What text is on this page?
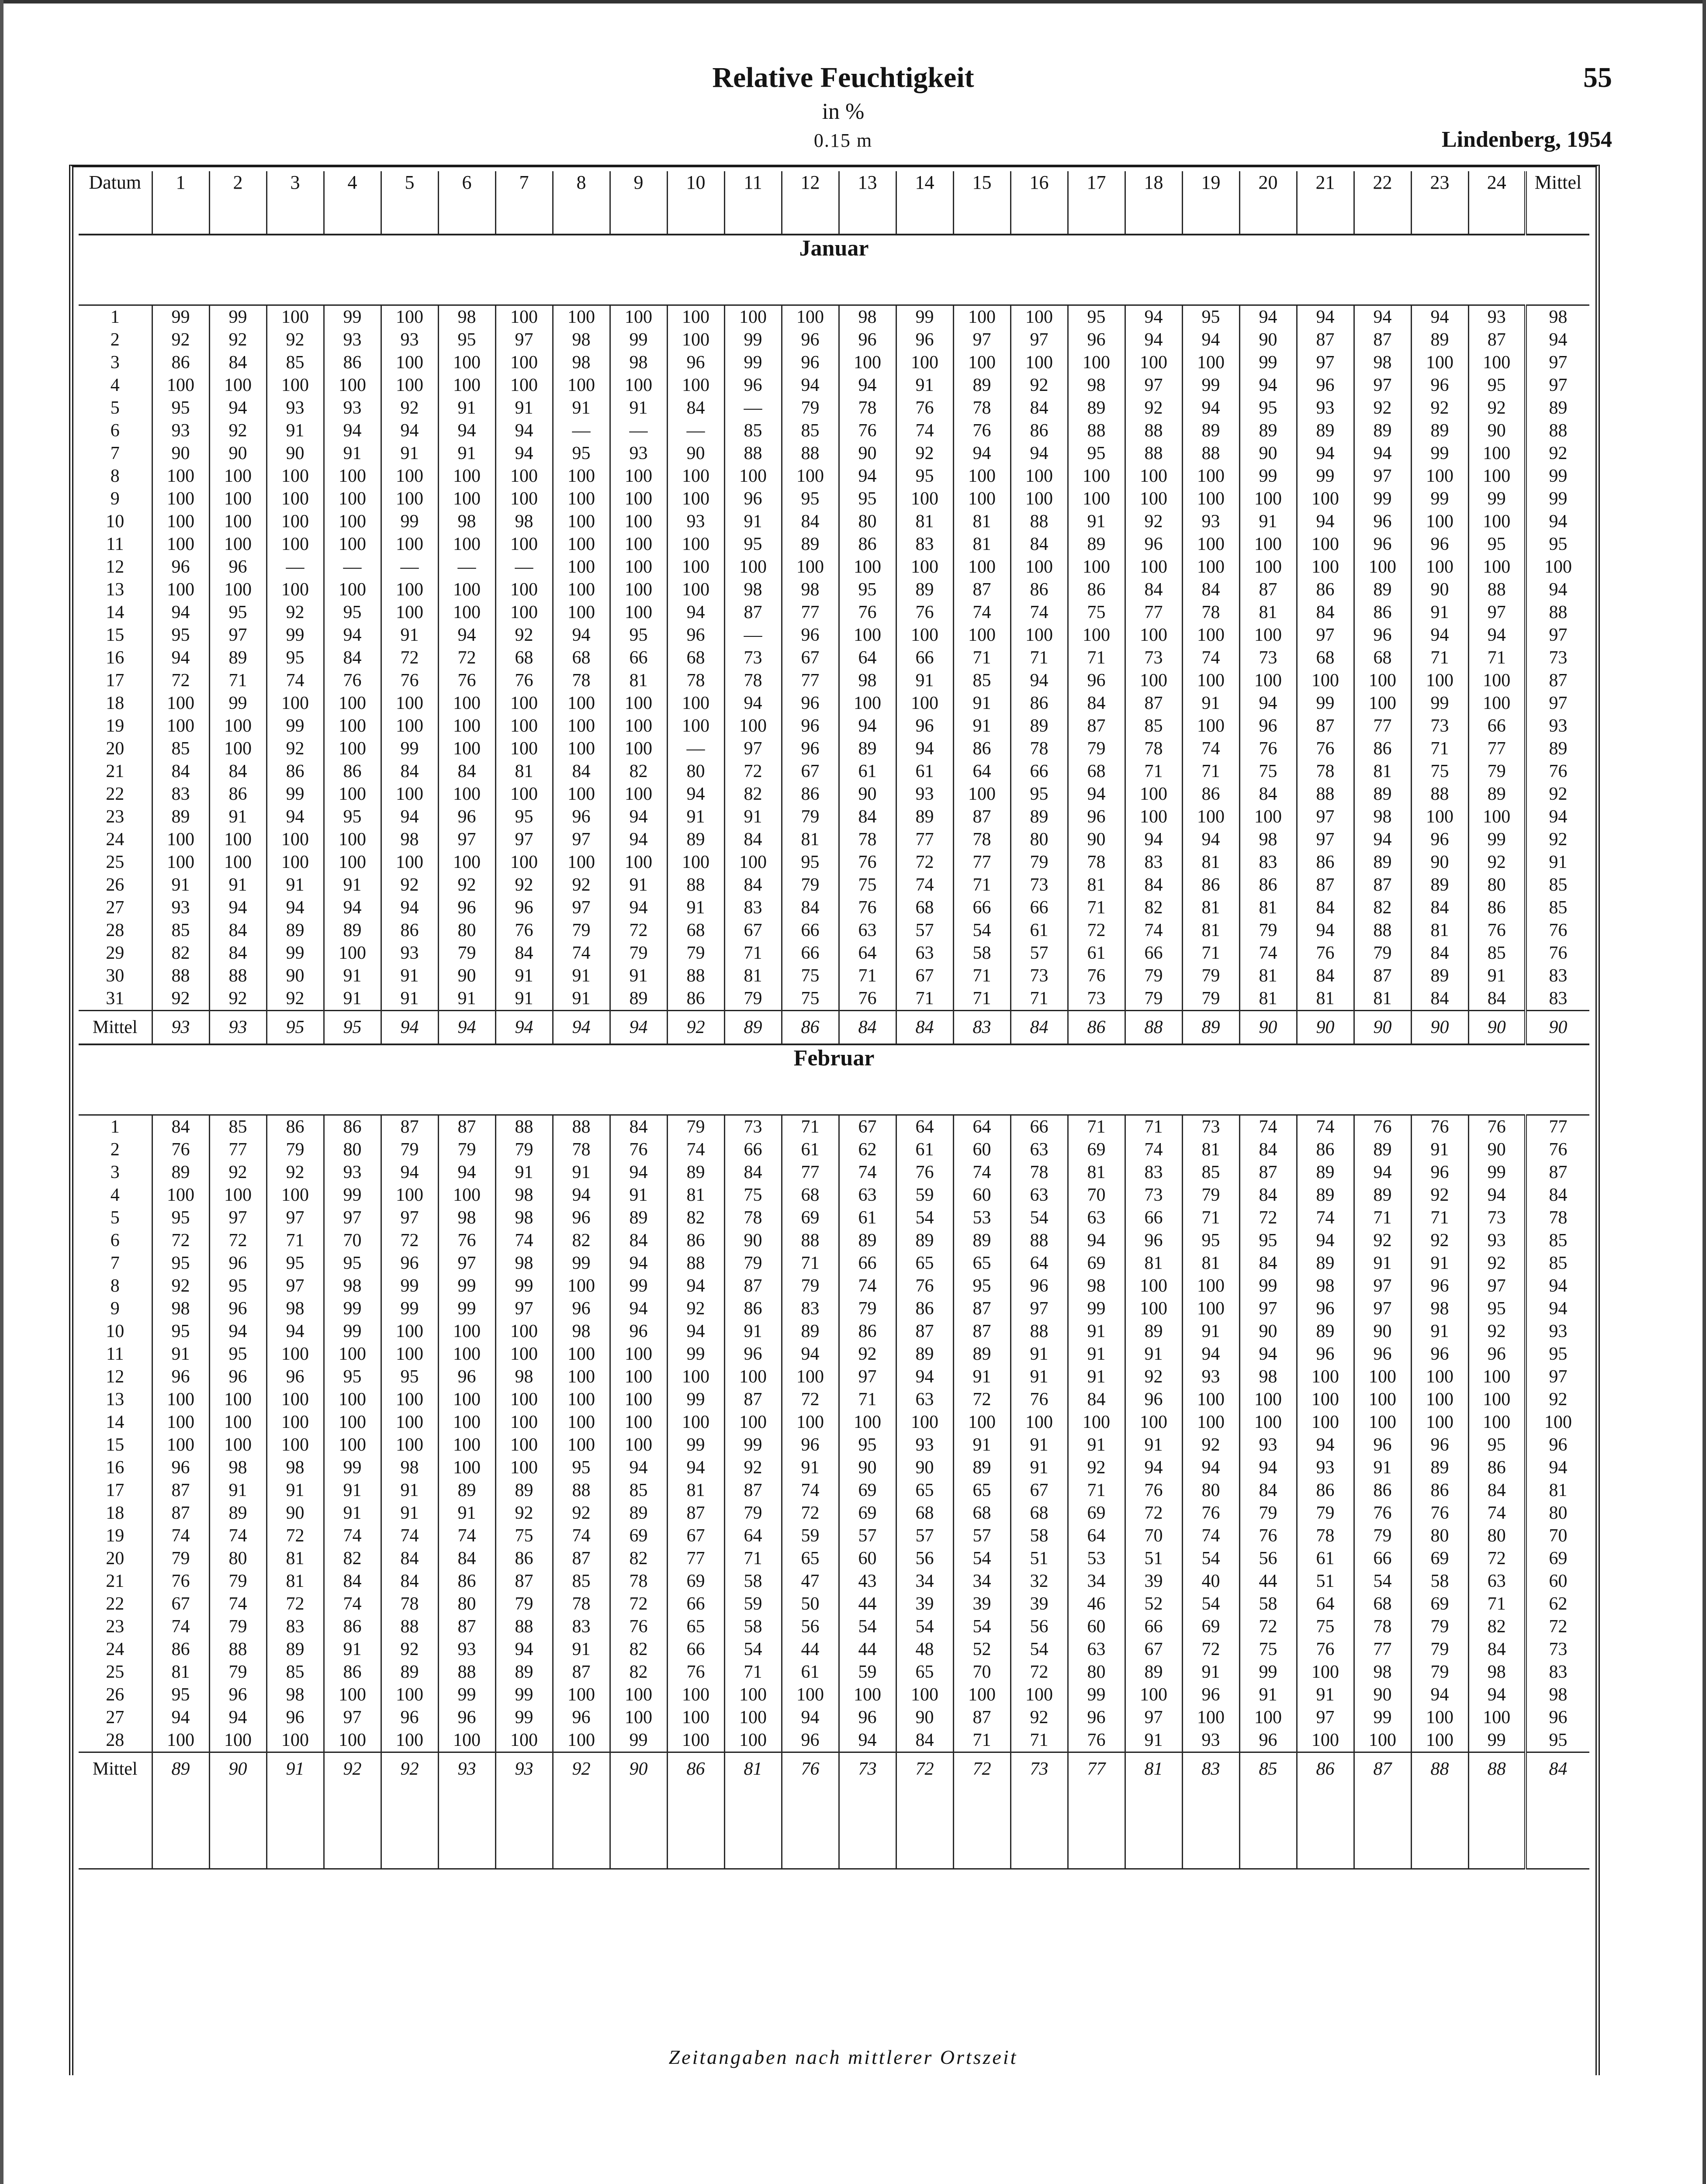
Relative Feuchtigkeit	55
in %
0.15 m	Lindenberg, 1954
Datum	1	2	3	4	5	6	7	8	9	10	11	12	13	14	15	16	17	18	19	20	21	22	23	24	Mittel
Januar																									
1	99	99	100	99	100	98	100	100	100	100	100	100	98	99	100	100	95	94	95	94	94	94	94	93	98
2	92	92	92	93	93	95	97	98	99	100	99	96	96	96	97	97	96	94	94	90	87	87	89	87	94
3	86	84	85	86	100	100	100	98	98	96	99	96	100	100	100	100	100	100	100	99	97	98	100	100	97
4	100	100	100	100	100	100	100	100	100	100	96	94	94	91	89	92	98	97	99	94	96	97	96	95	97
5	95	94	93	93	92	91	91	91	91	84	—	79	78	76	78	84	89	92	94	95	93	92	92	92	89
6	93	92	91	94	94	94	94	—	—	—	85	85	76	74	76	86	88	88	89	89	89	89	89	90	88
7	90	90	90	91	91	91	94	95	93	90	88	88	90	92	94	94	95	88	88	90	94	94	99	100	92
8	100	100	100	100	100	100	100	100	100	100	100	100	94	95	100	100	100	100	100	99	99	97	100	100	99
9	100	100	100	100	100	100	100	100	100	100	96	95	95	100	100	100	100	100	100	100	100	99	99	99	99
10	100	100	100	100	99	98	98	100	100	93	91	84	80	81	81	88	91	92	93	91	94	96	100	100	94
11	100	100	100	100	100	100	100	100	100	100	95	89	86	83	81	84	89	96	100	100	100	96	96	95	95
12	96	96	—	—	—	—	—	100	100	100	100	100	100	100	100	100	100	100	100	100	100	100	100	100	100
13	100	100	100	100	100	100	100	100	100	100	98	98	95	89	87	86	86	84	84	87	86	89	90	88	94
14	94	95	92	95	100	100	100	100	100	94	87	77	76	76	74	74	75	77	78	81	84	86	91	97	88
15	95	97	99	94	91	94	92	94	95	96	—	96	100	100	100	100	100	100	100	100	97	96	94	94	97
16	94	89	95	84	72	72	68	68	66	68	73	67	64	66	71	71	71	73	74	73	68	68	71	71	73
17	72	71	74	76	76	76	76	78	81	78	78	77	98	91	85	94	96	100	100	100	100	100	100	100	87
18	100	99	100	100	100	100	100	100	100	100	94	96	100	100	91	86	84	87	91	94	99	100	99	100	97
19	100	100	99	100	100	100	100	100	100	100	100	96	94	96	91	89	87	85	100	96	87	77	73	66	93
20	85	100	92	100	99	100	100	100	100	—	97	96	89	94	86	78	79	78	74	76	76	86	71	77	89
21	84	84	86	86	84	84	81	84	82	80	72	67	61	61	64	66	68	71	71	75	78	81	75	79	76
22	83	86	99	100	100	100	100	100	100	94	82	86	90	93	100	95	94	100	86	84	88	89	88	89	92
23	89	91	94	95	94	96	95	96	94	91	91	79	84	89	87	89	96	100	100	100	97	98	100	100	94
24	100	100	100	100	98	97	97	97	94	89	84	81	78	77	78	80	90	94	94	98	97	94	96	99	92
25	100	100	100	100	100	100	100	100	100	100	100	95	76	72	77	79	78	83	81	83	86	89	90	92	91
26	91	91	91	91	92	92	92	92	91	88	84	79	75	74	71	73	81	84	86	86	87	87	89	80	85
27	93	94	94	94	94	96	96	97	94	91	83	84	76	68	66	66	71	82	81	81	84	82	84	86	85
28	85	84	89	89	86	80	76	79	72	68	67	66	63	57	54	61	72	74	81	79	94	88	81	76	76
29	82	84	99	100	93	79	84	74	79	79	71	66	64	63	58	57	61	66	71	74	76	79	84	85	76
30	88	88	90	91	91	90	91	91	91	88	81	75	71	67	71	73	76	79	79	81	84	87	89	91	83
31	92	92	92	91	91	91	91	91	89	86	79	75	76	71	71	71	73	79	79	81	81	81	84	84	83
Mittel	93	93	95	95	94	94	94	94	94	92	89	86	84	84	83	84	86	88	89	90	90	90	90	90	90
Februar																									
1	84	85	86	86	87	87	88	88	84	79	73	71	67	64	64	66	71	71	73	74	74	76	76	76	77
2	76	77	79	80	79	79	79	78	76	74	66	61	62	61	60	63	69	74	81	84	86	89	91	90	76
3	89	92	92	93	94	94	91	91	94	89	84	77	74	76	74	78	81	83	85	87	89	94	96	99	87
4	100	100	100	99	100	100	98	94	91	81	75	68	63	59	60	63	70	73	79	84	89	89	92	94	84
5	95	97	97	97	97	98	98	96	89	82	78	69	61	54	53	54	63	66	71	72	74	71	71	73	78
6	72	72	71	70	72	76	74	82	84	86	90	88	89	89	89	88	94	96	95	95	94	92	92	93	85
7	95	96	95	95	96	97	98	99	94	88	79	71	66	65	65	64	69	81	81	84	89	91	91	92	85
8	92	95	97	98	99	99	99	100	99	94	87	79	74	76	95	96	98	100	100	99	98	97	96	97	94
9	98	96	98	99	99	99	97	96	94	92	86	83	79	86	87	97	99	100	100	97	96	97	98	95	94
10	95	94	94	99	100	100	100	98	96	94	91	89	86	87	87	88	91	89	91	90	89	90	91	92	93
11	91	95	100	100	100	100	100	100	100	99	96	94	92	89	89	91	91	91	94	94	96	96	96	96	95
12	96	96	96	95	95	96	98	100	100	100	100	100	97	94	91	91	91	92	93	98	100	100	100	100	97
13	100	100	100	100	100	100	100	100	100	99	87	72	71	63	72	76	84	96	100	100	100	100	100	100	92
14	100	100	100	100	100	100	100	100	100	100	100	100	100	100	100	100	100	100	100	100	100	100	100	100	100
15	100	100	100	100	100	100	100	100	100	99	99	96	95	93	91	91	91	91	92	93	94	96	96	95	96
16	96	98	98	99	98	100	100	95	94	94	92	91	90	90	89	91	92	94	94	94	93	91	89	86	94
17	87	91	91	91	91	89	89	88	85	81	87	74	69	65	65	67	71	76	80	84	86	86	86	84	81
18	87	89	90	91	91	91	92	92	89	87	79	72	69	68	68	68	69	72	76	79	79	76	76	74	80
19	74	74	72	74	74	74	75	74	69	67	64	59	57	57	57	58	64	70	74	76	78	79	80	80	70
20	79	80	81	82	84	84	86	87	82	77	71	65	60	56	54	51	53	51	54	56	61	66	69	72	69
21	76	79	81	84	84	86	87	85	78	69	58	47	43	34	34	32	34	39	40	44	51	54	58	63	60
22	67	74	72	74	78	80	79	78	72	66	59	50	44	39	39	39	46	52	54	58	64	68	69	71	62
23	74	79	83	86	88	87	88	83	76	65	58	56	54	54	54	56	60	66	69	72	75	78	79	82	72
24	86	88	89	91	92	93	94	91	82	66	54	44	44	48	52	54	63	67	72	75	76	77	79	84	73
25	81	79	85	86	89	88	89	87	82	76	71	61	59	65	70	72	80	89	91	99	100	98	79	98	83
26	95	96	98	100	100	99	99	100	100	100	100	100	100	100	100	100	99	100	96	91	91	90	94	94	98
27	94	94	96	97	96	96	99	96	100	100	100	94	96	90	87	92	96	97	100	100	97	99	100	100	96
28	100	100	100	100	100	100	100	100	99	100	100	96	94	84	71	71	76	91	93	96	100	100	100	99	95
Mittel	89	90	91	92	92	93	93	92	90	86	81	76	73	72	72	73	77	81	83	85	86	87	88	88	84

Zeitangaben nach mittlerer Ortszeit
